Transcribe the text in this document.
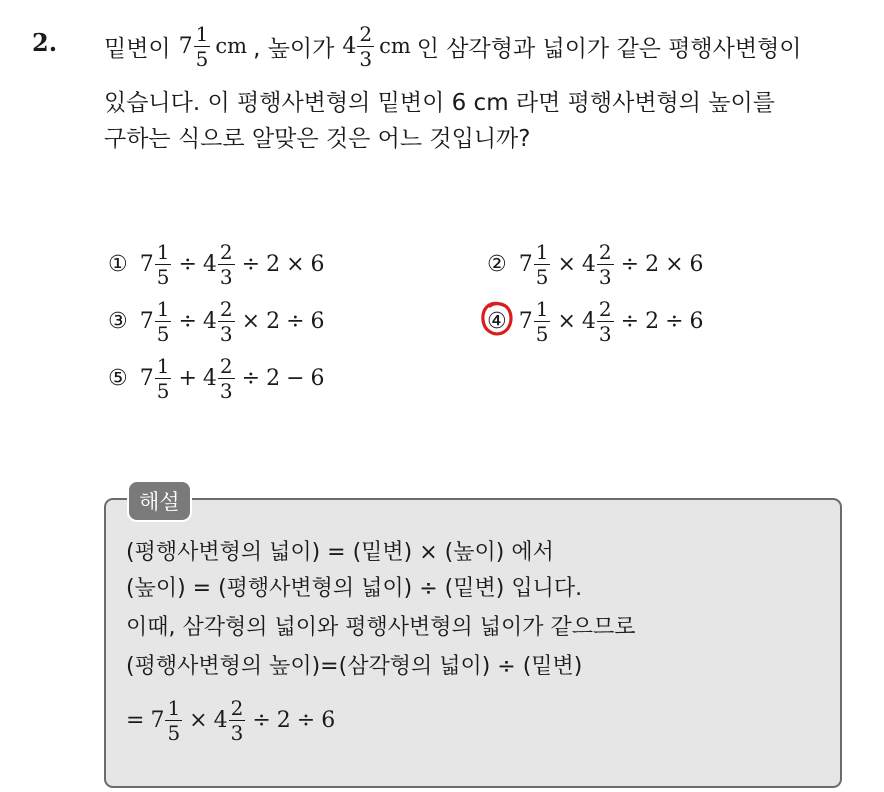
2. 밑변이 $7 \frac{1}{5}$ cm , 높이가 $4 \frac{2}{3}$ cm 인 삼각형과 넓이가 같은 평행사변형이
있습니다. 이 평행사변형의 밑변이 6 cm 라면 평행사변형의 높이를
구하는 식으로 알맞은 것은 어느 것입니까?
① $7 \frac{1}{5} \div 4 \frac{2}{3} \div 2 \times 6$	② $7 \frac{1}{5} \times 4 \frac{2}{3} \div 2 \times 6$
③ $7 \frac{1}{5} \div 4 \frac{2}{3} \times 2 \div 6$	④ $7 \frac{1}{5} \times 4 \frac{2}{3} \div 2 \div 6$
⑤ $7 \frac{1}{5} + 4 \frac{2}{3} \div 2 - 6$
해설
(평행사변형의 넓이) = (밑변) × (높이) 에서
(높이) = (평행사변형의 넓이) ÷ (밑변) 입니다.
이때, 삼각형의 넓이와 평행사변형의 넓이가 같으므로
(평행사변형의 높이)=(삼각형의 넓이) ÷ (밑변)
= $7 \frac{1}{5} \times 4 \frac{2}{3} \div 2 \div 6$
